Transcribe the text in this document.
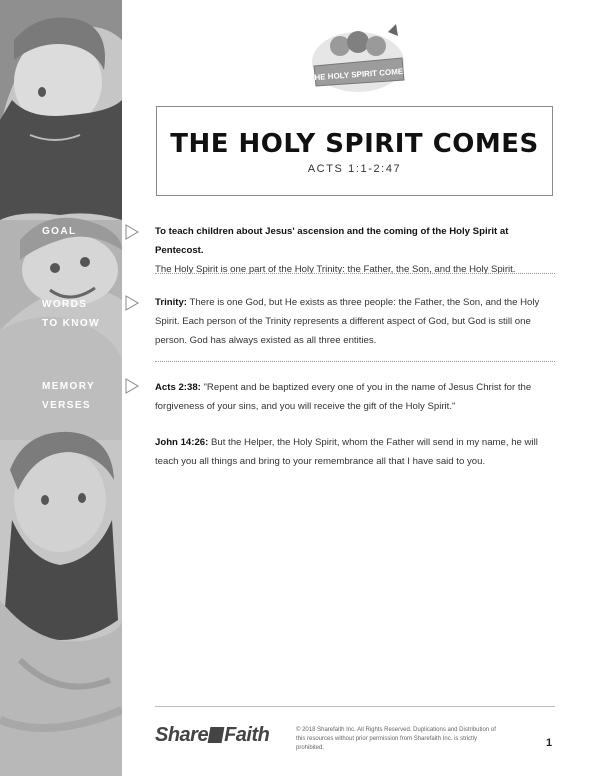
GOAL
WORDS
TO KNOW
MEMORY
VERSES
THE HOLY SPIRIT COMES
THE HOLY SPIRIT COMES
ACTS 1:1-2:47
To teach children about Jesus' ascension and the coming of the Holy Spirit at Pentecost.
The Holy Spirit is one part of the Holy Trinity: the Father, the Son, and the Holy Spirit.
Trinity: There is one God, but He exists as three people: the Father, the Son, and the Holy Spirit. Each person of the Trinity represents a different aspect of God, but God is still one person. God has always existed as all three entities.
Acts 2:38: "Repent and be baptized every one of you in the name of Jesus Christ for the forgiveness of your sins, and you will receive the gift of the Holy Spirit."
John 14:26: But the Helper, the Holy Spirit, whom the Father will send in my name, he will teach you all things and bring to your remembrance all that I have said to you.
Share Faith	© 2018 Sharefaith Inc. All Rights Reserved. Duplications and Distribution of this resources without prior permission from Sharefaith Inc. is strictly prohibited.	1
